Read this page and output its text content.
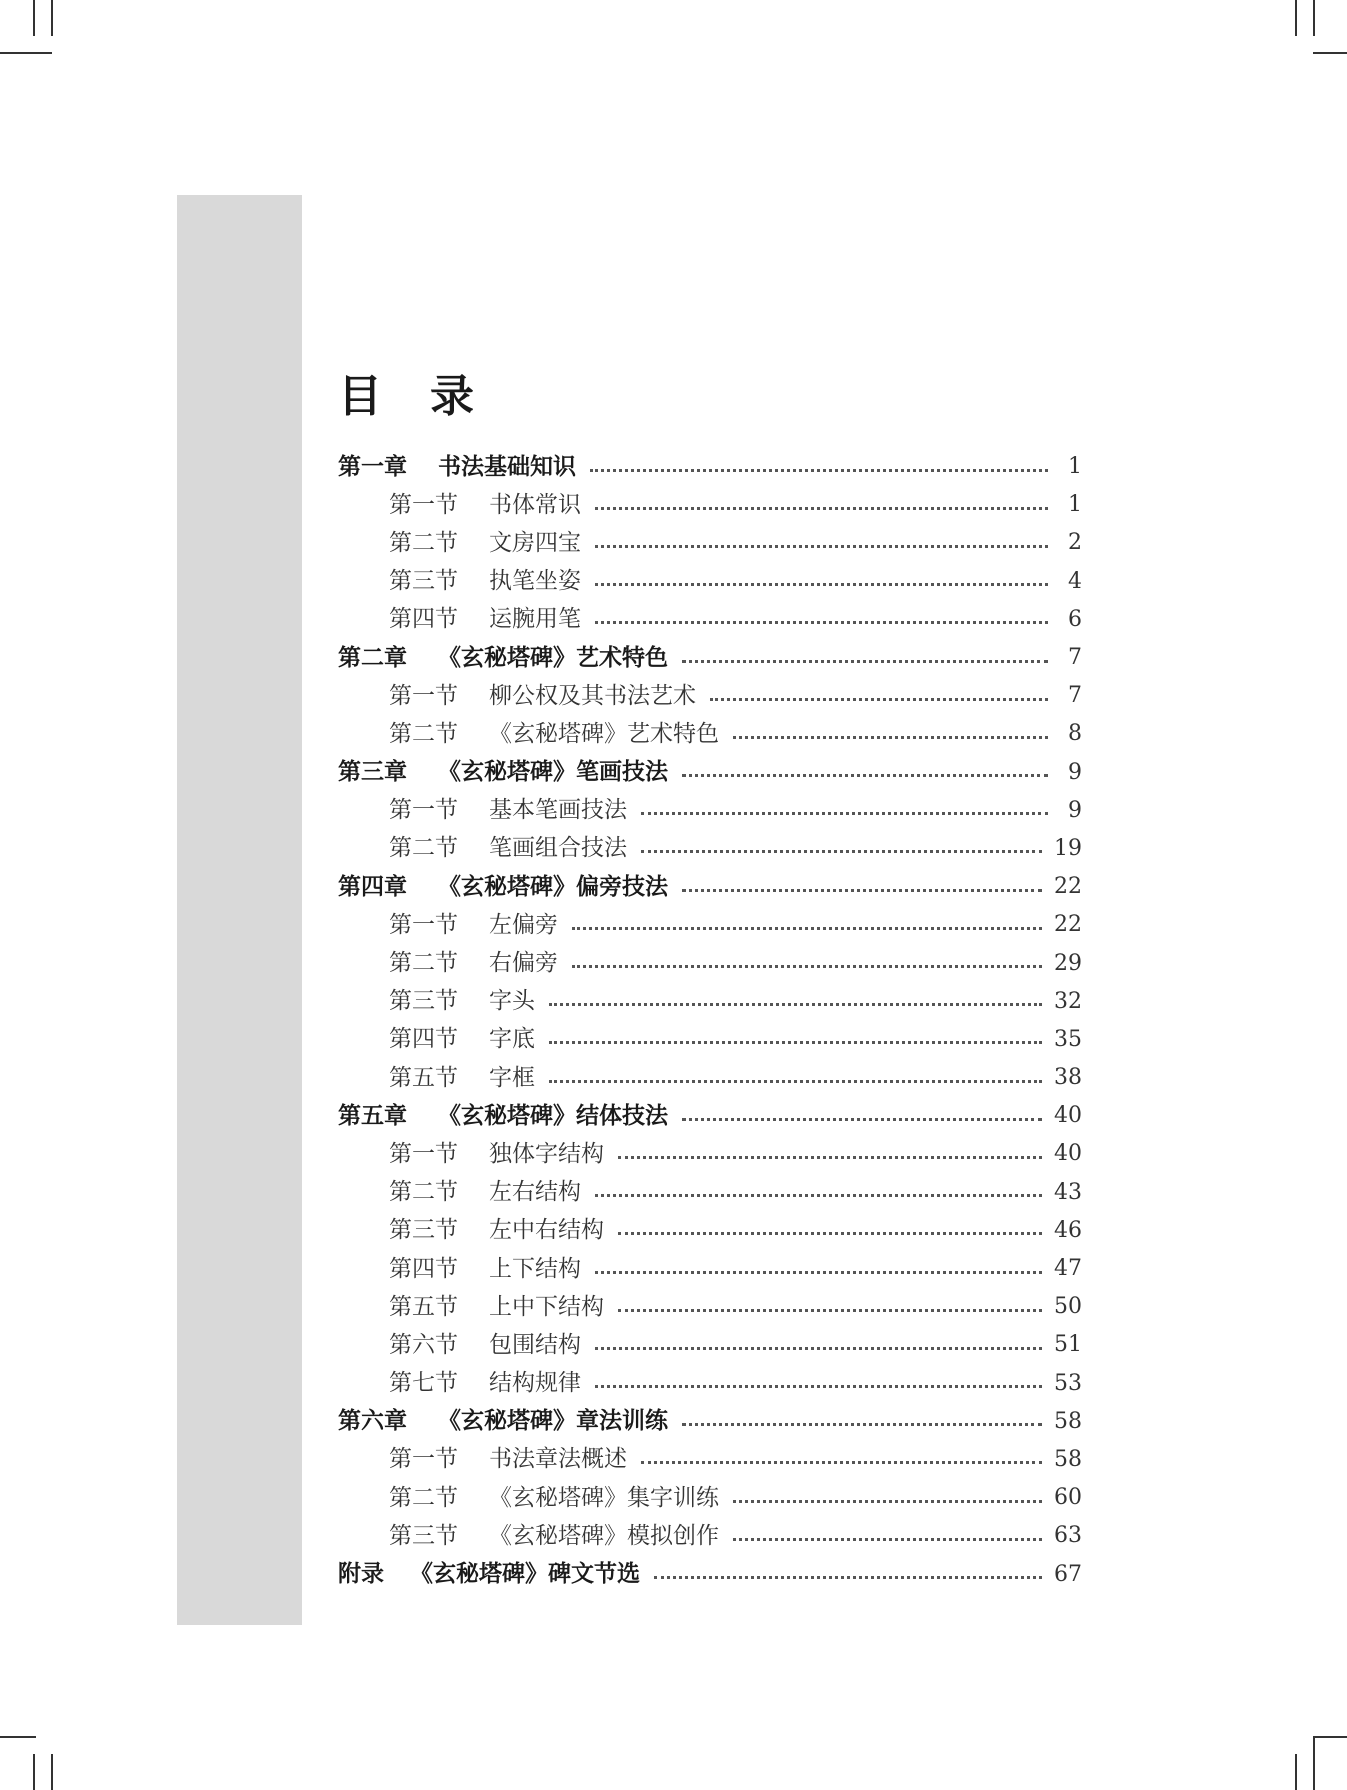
目　录
第一章	书法基础知识	1
第一节	书体常识	1
第二节	文房四宝	2
第三节	执笔坐姿	4
第四节	运腕用笔	6
第二章	《玄秘塔碑》艺术特色	7
第一节	柳公权及其书法艺术	7
第二节	《玄秘塔碑》艺术特色	8
第三章	《玄秘塔碑》笔画技法	9
第一节	基本笔画技法	9
第二节	笔画组合技法	19
第四章	《玄秘塔碑》偏旁技法	22
第一节	左偏旁	22
第二节	右偏旁	29
第三节	字头	32
第四节	字底	35
第五节	字框	38
第五章	《玄秘塔碑》结体技法	40
第一节	独体字结构	40
第二节	左右结构	43
第三节	左中右结构	46
第四节	上下结构	47
第五节	上中下结构	50
第六节	包围结构	51
第七节	结构规律	53
第六章	《玄秘塔碑》章法训练	58
第一节	书法章法概述	58
第二节	《玄秘塔碑》集字训练	60
第三节	《玄秘塔碑》模拟创作	63
附录	《玄秘塔碑》碑文节选	67
